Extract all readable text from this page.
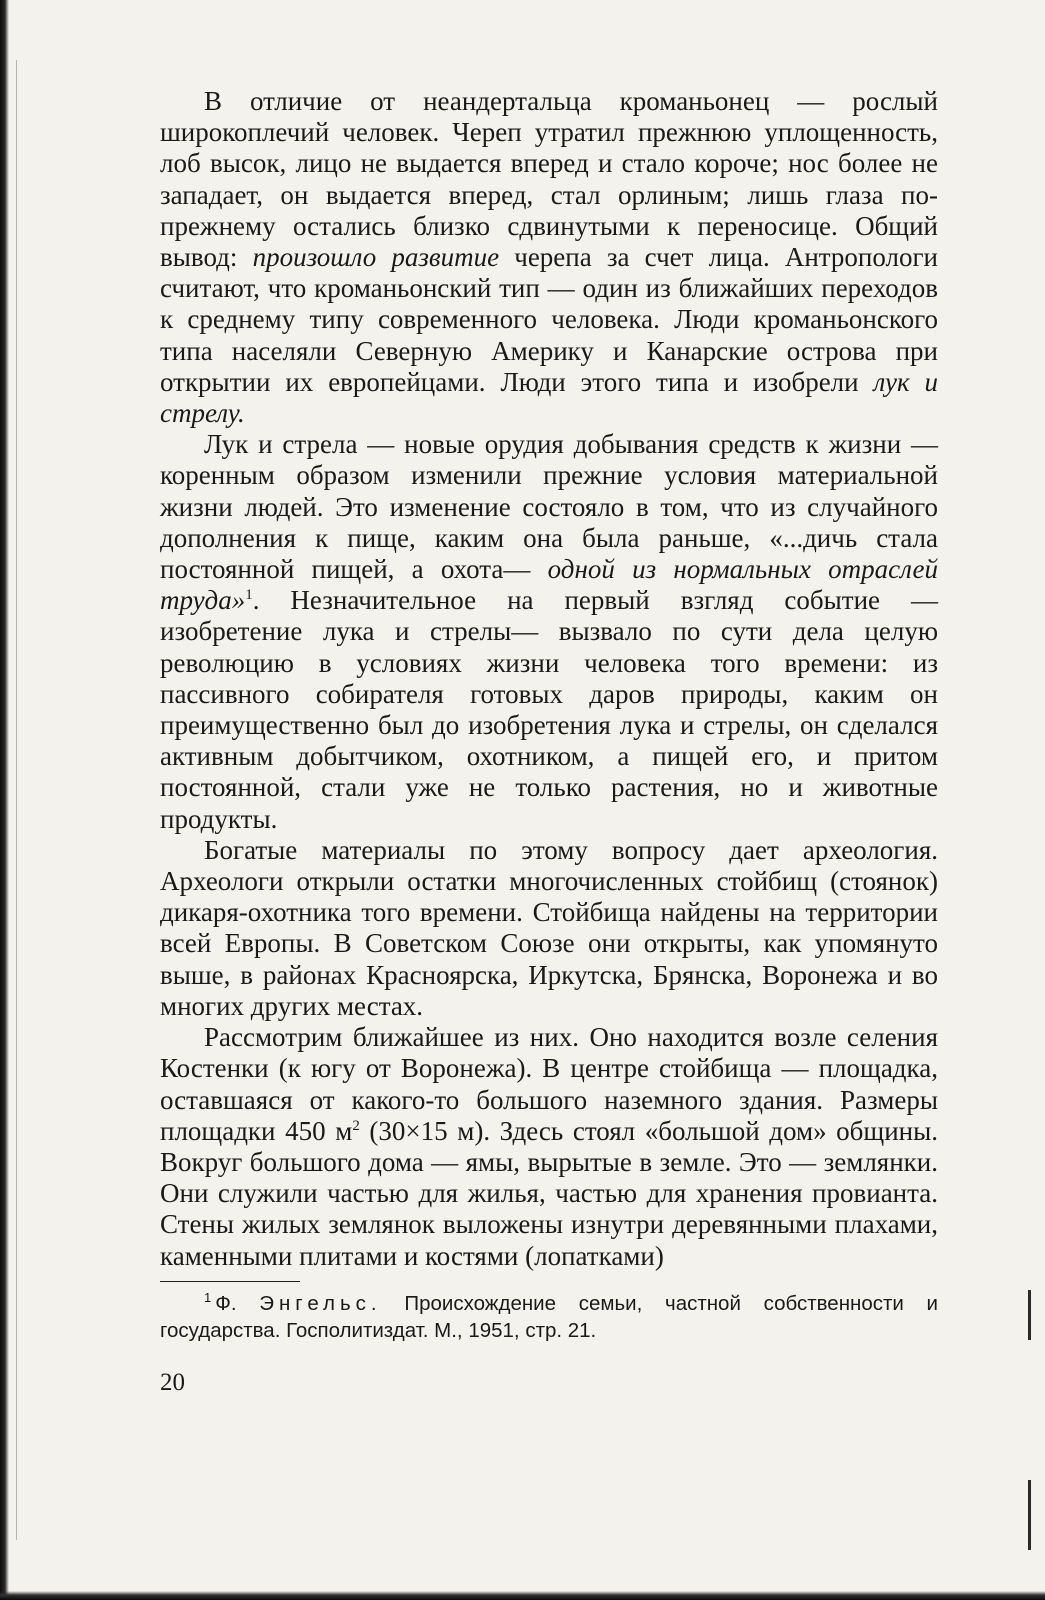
В отличие от неандертальца кроманьонец — рослый широкоплечий человек. Череп утратил прежнюю уплощенность, лоб высок, лицо не выдается вперед и стало короче; нос более не западает, он выдается вперед, стал орлиным; лишь глаза по-прежнему остались близко сдвинутыми к переносице. Общий вывод: произошло развитие черепа за счет лица. Антропологи считают, что кроманьонский тип — один из ближайших переходов к среднему типу современного человека. Люди кроманьонского типа населяли Северную Америку и Канарские острова при открытии их европейцами. Люди этого типа и изобрели лук и стрелу.

Лук и стрела — новые орудия добывания средств к жизни — коренным образом изменили прежние условия материальной жизни людей. Это изменение состояло в том, что из случайного дополнения к пище, каким она была раньше, «...дичь стала постоянной пищей, а охота— одной из нормальных отраслей труда»$^1$. Незначительное на первый взгляд событие — изобретение лука и стрелы— вызвало по сути дела целую революцию в условиях жизни человека того времени: из пассивного собирателя готовых даров природы, каким он преимущественно был до изобретения лука и стрелы, он сделался активным добытчиком, охотником, а пищей его, и притом постоянной, стали уже не только растения, но и животные продукты.

Богатые материалы по этому вопросу дает археология. Археологи открыли остатки многочисленных стойбищ (стоянок) дикаря-охотника того времени. Стойбища найдены на территории всей Европы. В Советском Союзе они открыты, как упомянуто выше, в районах Красноярска, Иркутска, Брянска, Воронежа и во многих других местах.

Рассмотрим ближайшее из них. Оно находится возле селения Костенки (к югу от Воронежа). В центре стойбища — площадка, оставшаяся от какого-то большого наземного здания. Размеры площадки 450 $м^2$ (30×15 м). Здесь стоял «большой дом» общины. Вокруг большого дома — ямы, вырытые в земле. Это — землянки. Они служили частью для жилья, частью для хранения провианта. Стены жилых землянок выложены изнутри деревянными плахами, каменными плитами и костями (лопатками)

$^1$ Ф. Энгельс. Происхождение семьи, частной собственности и государства. Госполитиздат. М., 1951, стр. 21.

20
